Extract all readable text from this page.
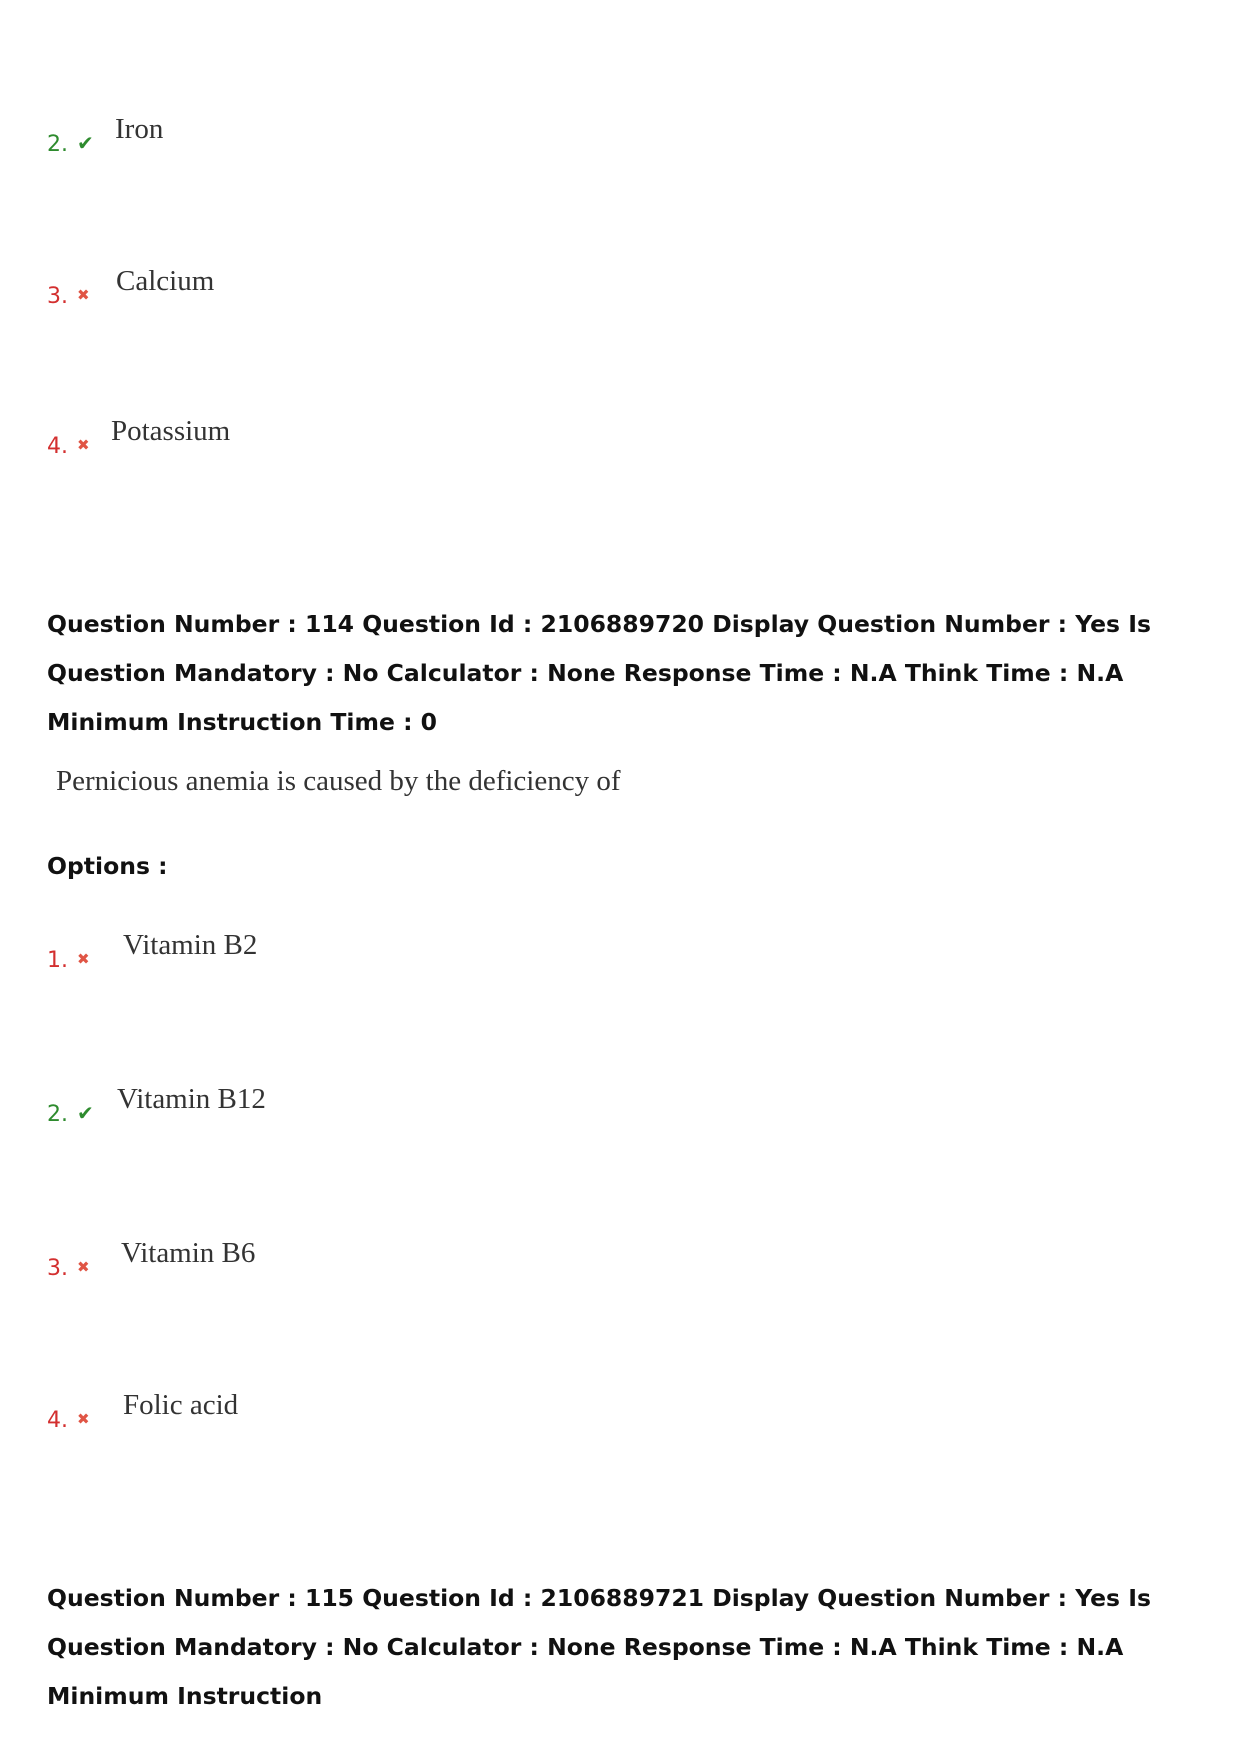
2. ✔ Iron
3. ✖ Calcium
4. ✖ Potassium
Question Number : 114 Question Id : 2106889720 Display Question Number : Yes Is Question Mandatory : No Calculator : None Response Time : N.A Think Time : N.A Minimum Instruction Time : 0
Pernicious anemia is caused by the deficiency of
Options :
1. ✖	Vitamin B2
2. ✔ Vitamin B12
3. ✖	Vitamin B6
4. ✖	Folic acid
Question Number : 115 Question Id : 2106889721 Display Question Number : Yes Is Question Mandatory : No Calculator : None Response Time : N.A Think Time : N.A Minimum Instruction
